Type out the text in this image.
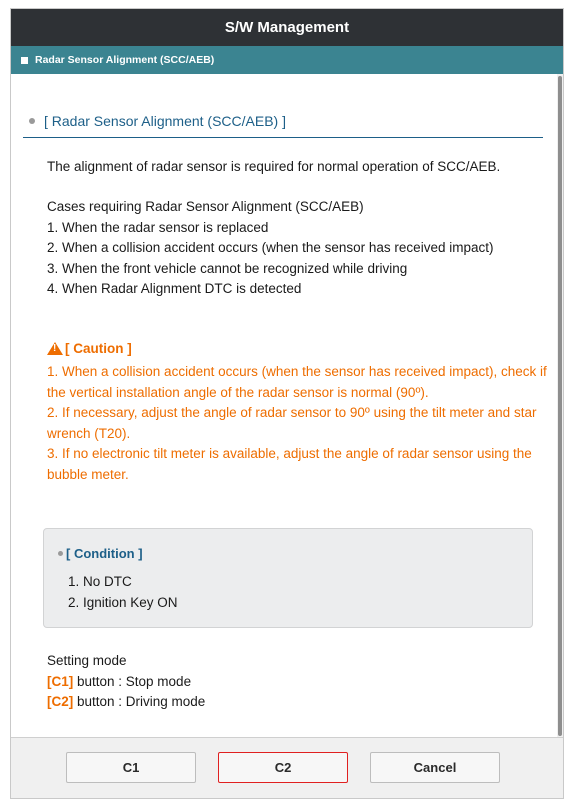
S/W Management
Radar Sensor Alignment (SCC/AEB)
[ Radar Sensor Alignment (SCC/AEB) ]
The alignment of radar sensor is required for normal operation of SCC/AEB.
Cases requiring Radar Sensor Alignment (SCC/AEB)
1. When the radar sensor is replaced
2. When a collision accident occurs (when the sensor has received impact)
3. When the front vehicle cannot be recognized while driving
4. When Radar Alignment DTC is detected
!
[ Caution ]
1. When a collision accident occurs (when the sensor has received impact), check if the vertical installation angle of the radar sensor is normal (90º).
2. If necessary, adjust the angle of radar sensor to 90º using the tilt meter and star wrench (T20).
3. If no electronic tilt meter is available, adjust the angle of radar sensor using the bubble meter.
[ Condition ]
1. No DTC
2. Ignition Key ON
Setting mode
[C1] button : Stop mode
[C2] button : Driving mode
C1	C2	Cancel
